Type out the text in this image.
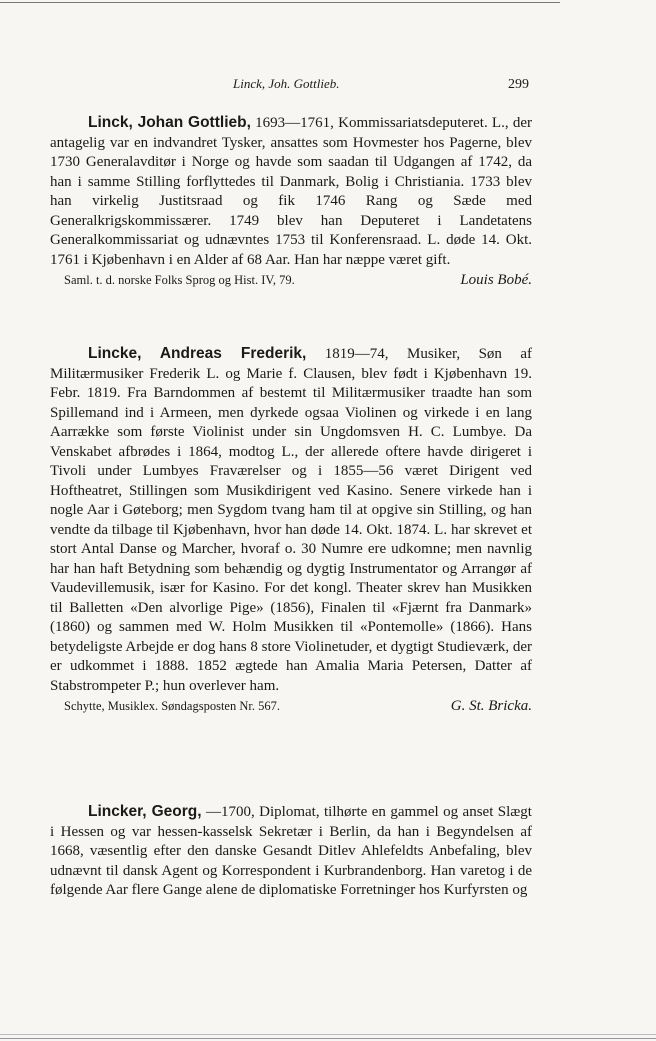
Linck, Joh. Gottlieb.	299

Linck, Johan Gottlieb, 1693—1761, Kommissariatsdeputeret. L., der antagelig var en indvandret Tysker, ansattes som Hovmester hos Pagerne, blev 1730 Generalavditør i Norge og havde som saadan til Udgangen af 1742, da han i samme Stilling forflyttedes til Danmark, Bolig i Christiania. 1733 blev han virkelig Justitsraad og fik 1746 Rang og Sæde med Generalkrigskommissærer. 1749 blev han Deputeret i Landetatens Generalkommissariat og udnævntes 1753 til Konferensraad. L. døde 14. Okt. 1761 i Kjøbenhavn i en Alder af 68 Aar. Han har næppe været gift.

Saml. t. d. norske Folks Sprog og Hist. IV, 79.	Louis Bobé.

Lincke, Andreas Frederik, 1819—74, Musiker, Søn af Militærmusiker Frederik L. og Marie f. Clausen, blev født i Kjøbenhavn 19. Febr. 1819. Fra Barndommen af bestemt til Militærmusiker traadte han som Spillemand ind i Armeen, men dyrkede ogsaa Violinen og virkede i en lang Aarrække som første Violinist under sin Ungdomsven H. C. Lumbye. Da Venskabet afbrødes i 1864, modtog L., der allerede oftere havde dirigeret i Tivoli under Lumbyes Fraværelser og i 1855—56 været Dirigent ved Hoftheatret, Stillingen som Musikdirigent ved Kasino. Senere virkede han i nogle Aar i Gøteborg; men Sygdom tvang ham til at opgive sin Stilling, og han vendte da tilbage til Kjøbenhavn, hvor han døde 14. Okt. 1874. L. har skrevet et stort Antal Danse og Marcher, hvoraf o. 30 Numre ere udkomne; men navnlig har han haft Betydning som behændig og dygtig Instrumentator og Arrangør af Vaudevillemusik, især for Kasino. For det kongl. Theater skrev han Musikken til Balletten «Den alvorlige Pige» (1856), Finalen til «Fjærnt fra Danmark» (1860) og sammen med W. Holm Musikken til «Pontemolle» (1866). Hans betydeligste Arbejde er dog hans 8 store Violinetuder, et dygtigt Studieværk, der er udkommet i 1888. 1852 ægtede han Amalia Maria Petersen, Datter af Stabstrompeter P.; hun overlever ham.

Schytte, Musiklex. Søndagsposten Nr. 567.	G. St. Bricka.

Lincker, Georg, —1700, Diplomat, tilhørte en gammel og anset Slægt i Hessen og var hessen-kasselsk Sekretær i Berlin, da han i Begyndelsen af 1668, væsentlig efter den danske Gesandt Ditlev Ahlefeldts Anbefaling, blev udnævnt til dansk Agent og Korrespondent i Kurbrandenborg. Han varetog i de følgende Aar flere Gange alene de diplomatiske Forretninger hos Kurfyrsten og
